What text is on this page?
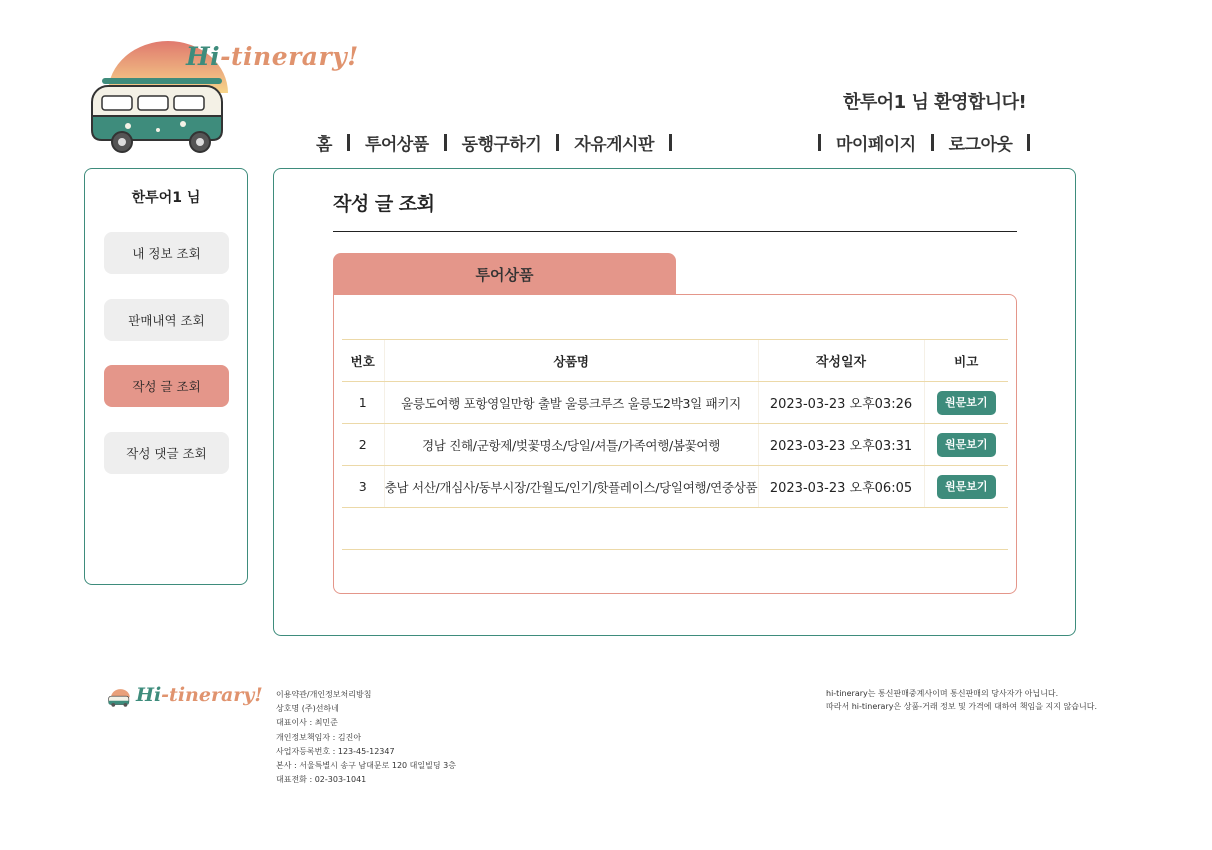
Hi-tinerary!
한투어1 님 환영합니다!
홈 투어상품 동행구하기 자유게시판	마이페이지 로그아웃
한투어1 님
내 정보 조회
판매내역 조회
작성 글 조회
작성 댓글 조회
작성 글 조회
투어상품
번호	상품명	작성일자	비고
1	울릉도여행 포항영일만항 출발 울릉크루즈 울릉도2박3일 패키지	2023-03-23 오후03:26	원문보기
2	경남 진해/군항제/벚꽃명소/당일/셔틀/가족여행/봄꽃여행	2023-03-23 오후03:31	원문보기
3	충남 서산/개심사/동부시장/간월도/인기/핫플레이스/당일여행/연중상품	2023-03-23 오후06:05	원문보기

Hi-tinerary! 이용약관/개인정보처리방침
상호명 (주)선하네
대표이사 : 최민준
개인정보책임자 : 김진아
사업자등록번호 : 123-45-12347
본사 : 서울특별시 송구 남대문로 120 대일빌딩 3층
대표전화 : 02-303-1041
hi-tinerary는 통신판매중계사이며 통신판매의 당사자가 아닙니다.
따라서 hi-tinerary은 상품-거래 정보 및 가격에 대하여 책임을 지지 않습니다.
